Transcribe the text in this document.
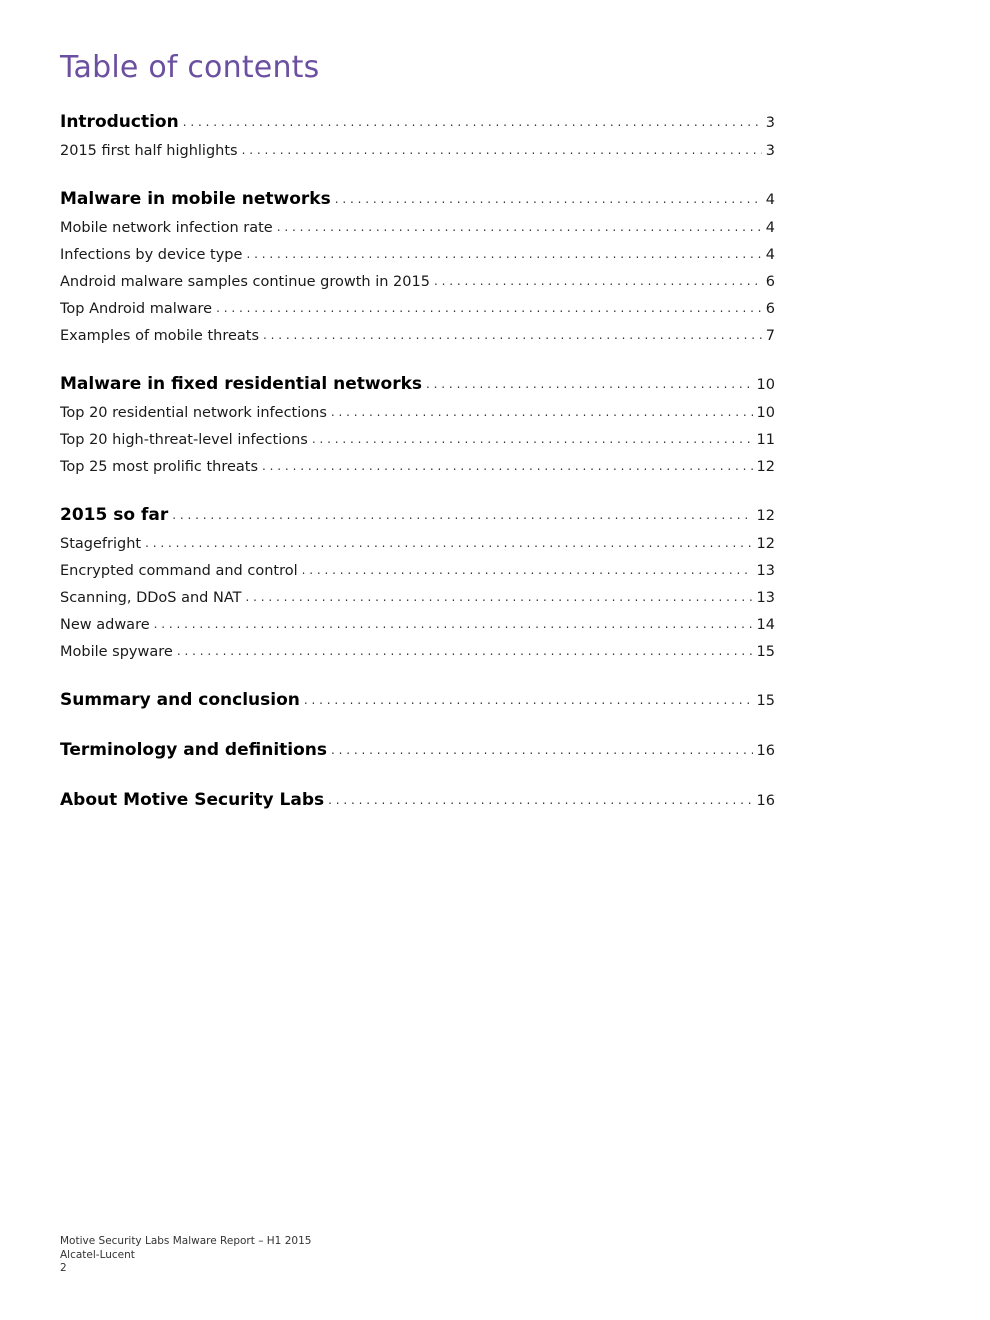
Table of contents
Introduction . . .	3
2015 first half highlights . . .	3
Malware in mobile networks . . .	4
Mobile network infection rate . . .	4
Infections by device type . . .	4
Android malware samples continue growth in 2015 . . .	6
Top Android malware . . .	6
Examples of mobile threats . . .	7
Malware in fixed residential networks . . .	10
Top 20 residential network infections . . .	10
Top 20 high-threat-level infections . . .	11
Top 25 most prolific threats . . .	12
2015 so far . . .	12
Stagefright . . .	12
Encrypted command and control . . .	13
Scanning, DDoS and NAT . . .	13
New adware . . .	14
Mobile spyware . . .	15
Summary and conclusion . . .	15
Terminology and definitions . . .	16
About Motive Security Labs . . .	16
Motive Security Labs Malware Report – H1 2015
Alcatel-Lucent
2
